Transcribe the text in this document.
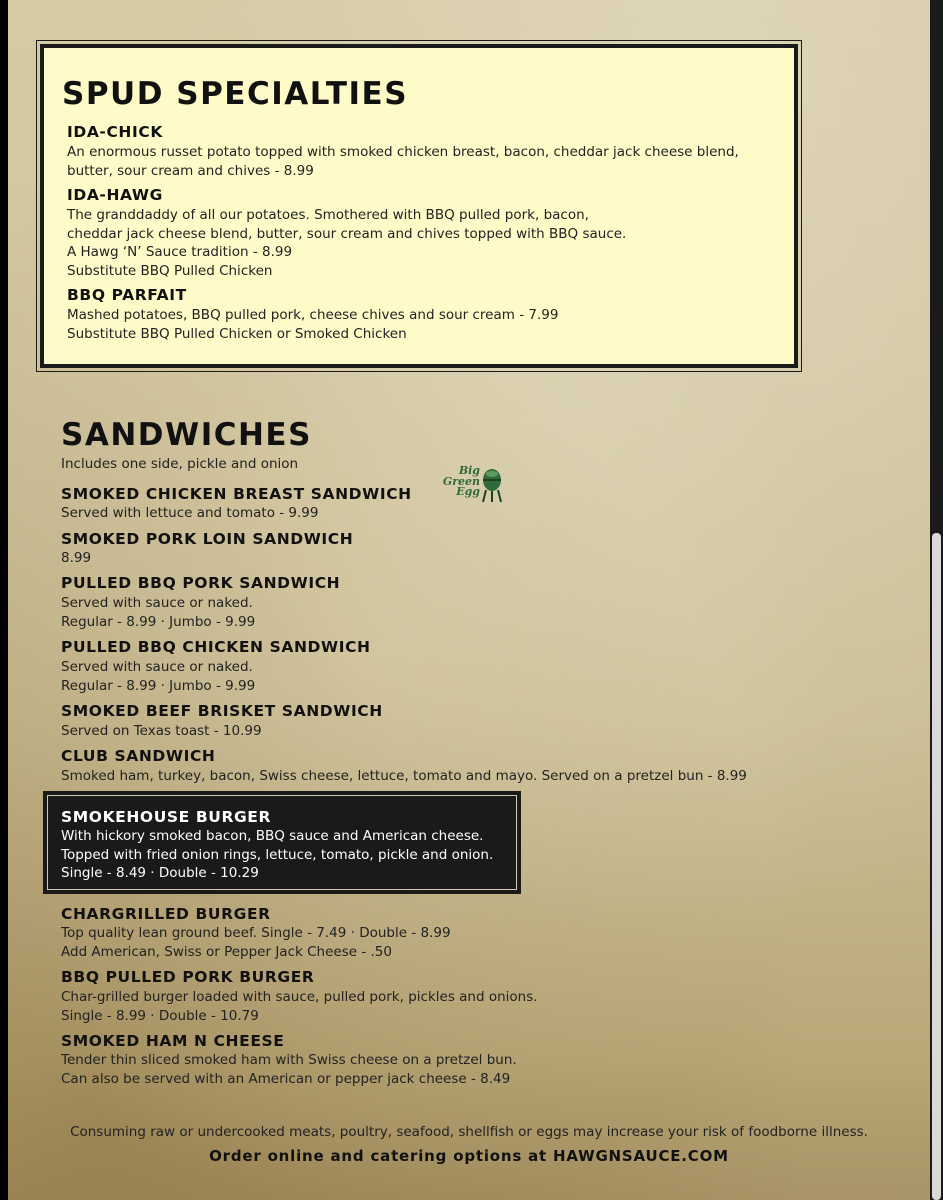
SPUD SPECIALTIES
IDA-CHICK
An enormous russet potato topped with smoked chicken breast, bacon, cheddar jack cheese blend,
butter, sour cream and chives - 8.99
IDA-HAWG
The granddaddy of all our potatoes. Smothered with BBQ pulled pork, bacon,
cheddar jack cheese blend, butter, sour cream and chives topped with BBQ sauce.
A Hawg ‘N’ Sauce tradition - 8.99
Substitute BBQ Pulled Chicken
BBQ PARFAIT
Mashed potatoes, BBQ pulled pork, cheese chives and sour cream - 7.99
Substitute BBQ Pulled Chicken or Smoked Chicken
SANDWICHES
Includes one side, pickle and onion	Big
Green
Egg
SMOKED CHICKEN BREAST SANDWICH
Served with lettuce and tomato - 9.99
SMOKED PORK LOIN SANDWICH
8.99
PULLED BBQ PORK SANDWICH
Served with sauce or naked.
Regular - 8.99 · Jumbo - 9.99
PULLED BBQ CHICKEN SANDWICH
Served with sauce or naked.
Regular - 8.99 · Jumbo - 9.99
SMOKED BEEF BRISKET SANDWICH
Served on Texas toast - 10.99
CLUB SANDWICH
Smoked ham, turkey, bacon, Swiss cheese, lettuce, tomato and mayo. Served on a pretzel bun - 8.99
SMOKEHOUSE BURGER
With hickory smoked bacon, BBQ sauce and American cheese.
Topped with fried onion rings, lettuce, tomato, pickle and onion.
Single - 8.49 · Double - 10.29
CHARGRILLED BURGER
Top quality lean ground beef. Single - 7.49 · Double - 8.99
Add American, Swiss or Pepper Jack Cheese - .50
BBQ PULLED PORK BURGER
Char-grilled burger loaded with sauce, pulled pork, pickles and onions.
Single - 8.99 · Double - 10.79
SMOKED HAM N CHEESE
Tender thin sliced smoked ham with Swiss cheese on a pretzel bun.
Can also be served with an American or pepper jack cheese - 8.49
Consuming raw or undercooked meats, poultry, seafood, shellfish or eggs may increase your risk of foodborne illness.
Order online and catering options at HAWGNSAUCE.COM
